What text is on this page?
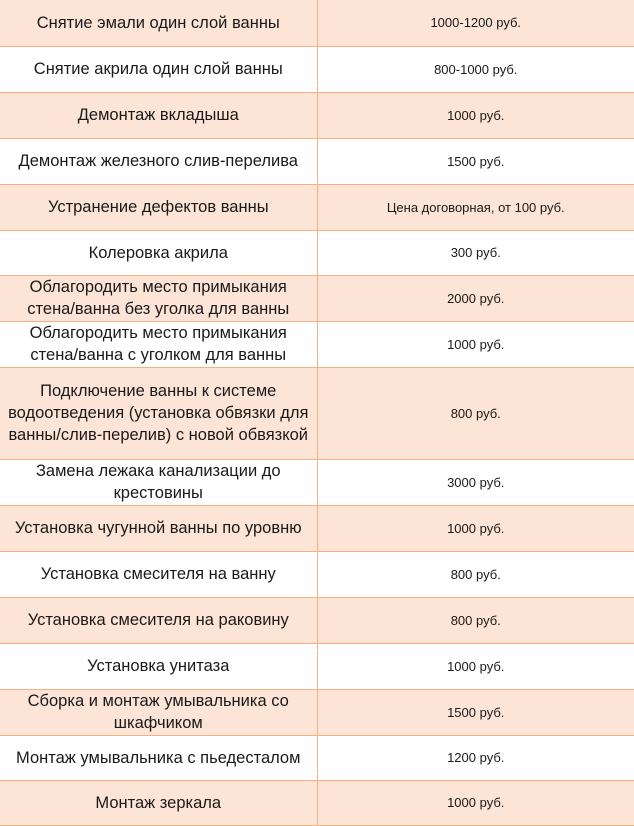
Снятие эмали один слой ванны	1000-1200 руб.
Снятие акрила один слой ванны	800-1000 руб.
Демонтаж вкладыша	1000 руб.
Демонтаж железного слив-перелива	1500 руб.
Устранение дефектов ванны	Цена договорная, от 100 руб.
Колеровка акрила	300 руб.
Облагородить место примыкания стена/ванна без уголка для ванны	2000 руб.
Облагородить место примыкания стена/ванна с уголком для ванны	1000 руб.
Подключение ванны к системе водоотведения (установка обвязки для ванны/слив-перелив) с новой обвязкой	800 руб.
Замена лежака канализации до крестовины	3000 руб.
Установка чугунной ванны по уровню	1000 руб.
Установка смесителя на ванну	800 руб.
Установка смесителя на раковину	800 руб.
Установка унитаза	1000 руб.
Сборка и монтаж умывальника со шкафчиком	1500 руб.
Монтаж умывальника с пьедесталом	1200 руб.
Монтаж зеркала	1000 руб.
